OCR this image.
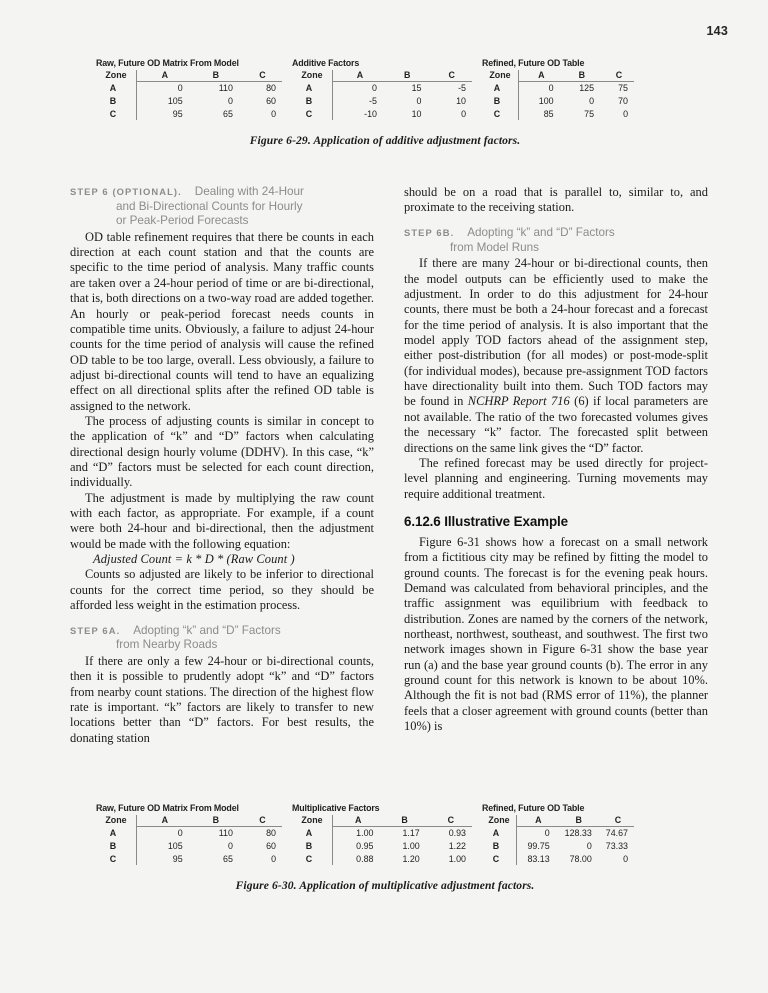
143
Raw, Future OD Matrix From Model
Zone	A	B	C
A	0	110	80
B	105	0	60
C	95	65	0
Additive Factors
Zone	A	B	C
A	0	15	-5
B	-5	0	10
C	-10	10	0
Refined, Future OD Table
Zone	A	B	C
A	0	125	75
B	100	0	70
C	85	75	0
Figure 6-29. Application of additive adjustment factors.
STEP 6 (OPTIONAL). Dealing with 24-Hour
and Bi-Directional Counts for Hourly
or Peak-Period Forecasts

OD table refinement requires that there be counts in each direction at each count station and that the counts are specific to the time period of analysis. Many traffic counts are taken over a 24-hour period of time or are bi-directional, that is, both directions on a two-way road are added together. An hourly or peak-period forecast needs counts in compatible time units. Obviously, a failure to adjust 24-hour counts for the time period of analysis will cause the refined OD table to be too large, overall. Less obviously, a failure to adjust bi-directional counts will tend to have an equalizing effect on all directional splits after the refined OD table is assigned to the network.

The process of adjusting counts is similar in concept to the application of “k” and “D” factors when calculating directional design hourly volume (DDHV). In this case, “k” and “D” factors must be selected for each count direction, individually.

The adjustment is made by multiplying the raw count with each factor, as appropriate. For example, if a count were both 24-hour and bi-directional, then the adjustment would be made with the following equation:

Adjusted Count = k * D * (Raw Count )

Counts so adjusted are likely to be inferior to directional counts for the correct time period, so they should be afforded less weight in the estimation process.

STEP 6A. Adopting “k” and “D” Factors
from Nearby Roads

If there are only a few 24-hour or bi-directional counts, then it is possible to prudently adopt “k” and “D” factors from nearby count stations. The direction of the highest flow rate is important. “k” factors are likely to transfer to new locations better than “D” factors. For best results, the donating station

should be on a road that is parallel to, similar to, and proximate to the receiving station.

STEP 6B. Adopting “k” and “D” Factors
from Model Runs

If there are many 24-hour or bi-directional counts, then the model outputs can be efficiently used to make the adjustment. In order to do this adjustment for 24-hour counts, there must be both a 24-hour forecast and a forecast for the time period of analysis. It is also important that the model apply TOD factors ahead of the assignment step, either post-distribution (for all modes) or post-mode-split (for individual modes), because pre-assignment TOD factors have directionality built into them. Such TOD factors may be found in NCHRP Report 716 (6) if local parameters are not available. The ratio of the two forecasted volumes gives the necessary “k” factor. The forecasted split between directions on the same link gives the “D” factor.

The refined forecast may be used directly for project-level planning and engineering. Turning movements may require additional treatment.

6.12.6 Illustrative Example

Figure 6-31 shows how a forecast on a small network from a fictitious city may be refined by fitting the model to ground counts. The forecast is for the evening peak hours. Demand was calculated from behavioral principles, and the traffic assignment was equilibrium with feedback to distribution. Zones are named by the corners of the network, northeast, northwest, southeast, and southwest. The first two network images shown in Figure 6-31 show the base year run (a) and the base year ground counts (b). The error in any ground count for this network is known to be about 10%. Although the fit is not bad (RMS error of 11%), the planner feels that a closer agreement with ground counts (better than 10%) is

Raw, Future OD Matrix From Model
Zone	A	B	C
A	0	110	80
B	105	0	60
C	95	65	0
Multiplicative Factors
Zone	A	B	C
A	1.00	1.17	0.93
B	0.95	1.00	1.22
C	0.88	1.20	1.00
Refined, Future OD Table
Zone	A	B	C
A	0	128.33	74.67
B	99.75	0	73.33
C	83.13	78.00	0
Figure 6-30. Application of multiplicative adjustment factors.
